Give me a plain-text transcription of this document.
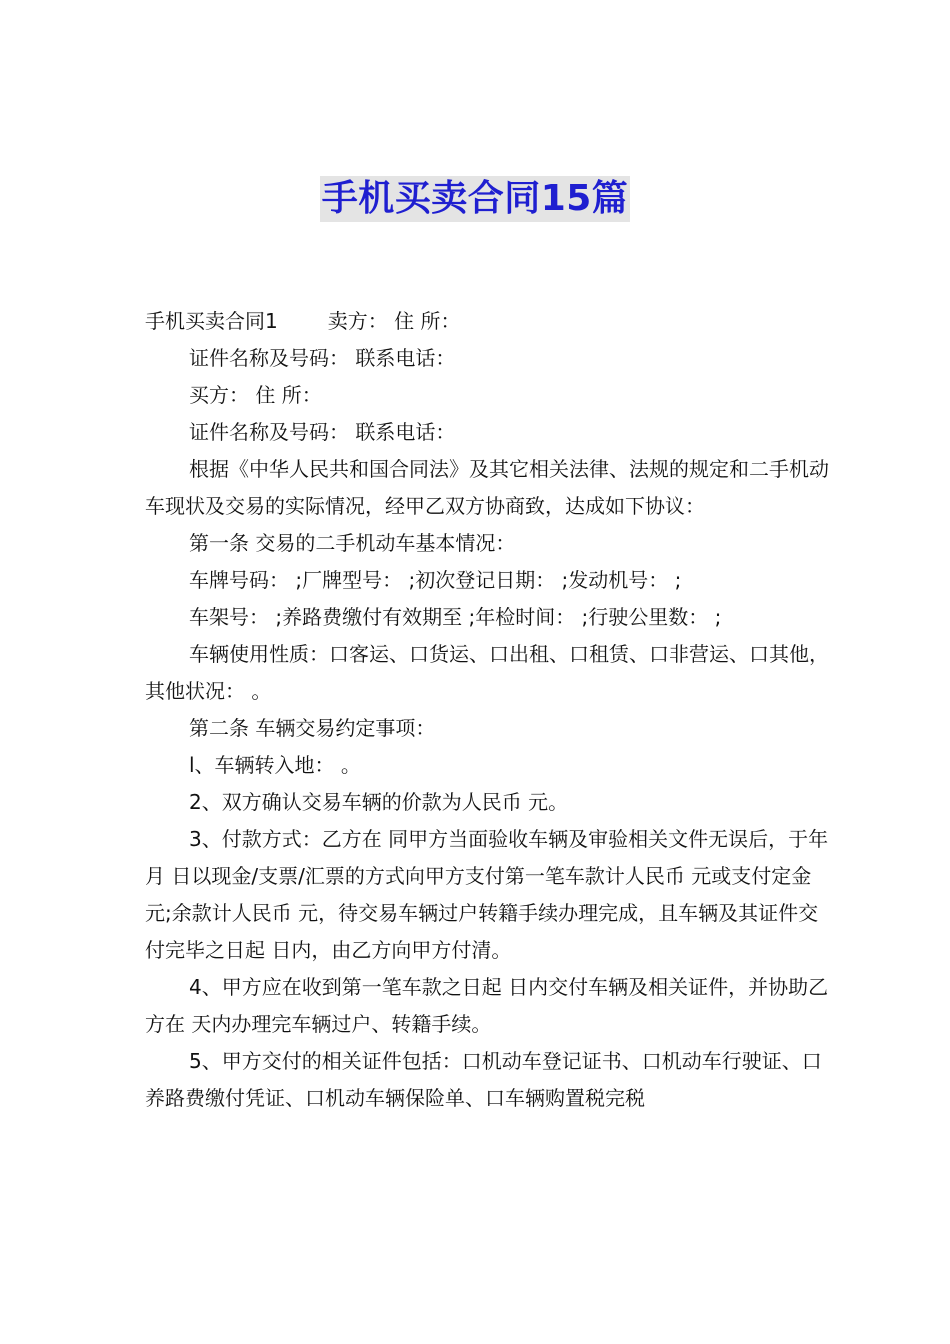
手机买卖合同15篇

手机买卖合同1	卖方： 住 所：

证件名称及号码： 联系电话：

买方： 住 所：

证件名称及号码： 联系电话：

根据《中华人民共和国合同法》及其它相关法律、法规的规定和二手机动车现状及交易的实际情况，经甲乙双方协商致，达成如下协议：

第一条 交易的二手机动车基本情况：

车牌号码： ;厂牌型号： ;初次登记日期： ;发动机号： ;

车架号： ;养路费缴付有效期至 ;年检时间： ;行驶公里数： ;

车辆使用性质：口客运、口货运、口出租、口租赁、口非营运、口其他，其他状况： 。

第二条 车辆交易约定事项：

l、车辆转入地： 。

2、双方确认交易车辆的价款为人民币 元。

3、付款方式：乙方在 同甲方当面验收车辆及审验相关文件无误后，于年 月 日以现金/支票/汇票的方式向甲方支付第一笔车款计人民币 元或支付定金 元;余款计人民币 元，待交易车辆过户转籍手续办理完成，且车辆及其证件交付完毕之日起 日内，由乙方向甲方付清。

4、甲方应在收到第一笔车款之日起 日内交付车辆及相关证件，并协助乙方在 天内办理完车辆过户、转籍手续。

5、甲方交付的相关证件包括：口机动车登记证书、口机动车行驶证、口养路费缴付凭证、口机动车辆保险单、口车辆购置税完税
